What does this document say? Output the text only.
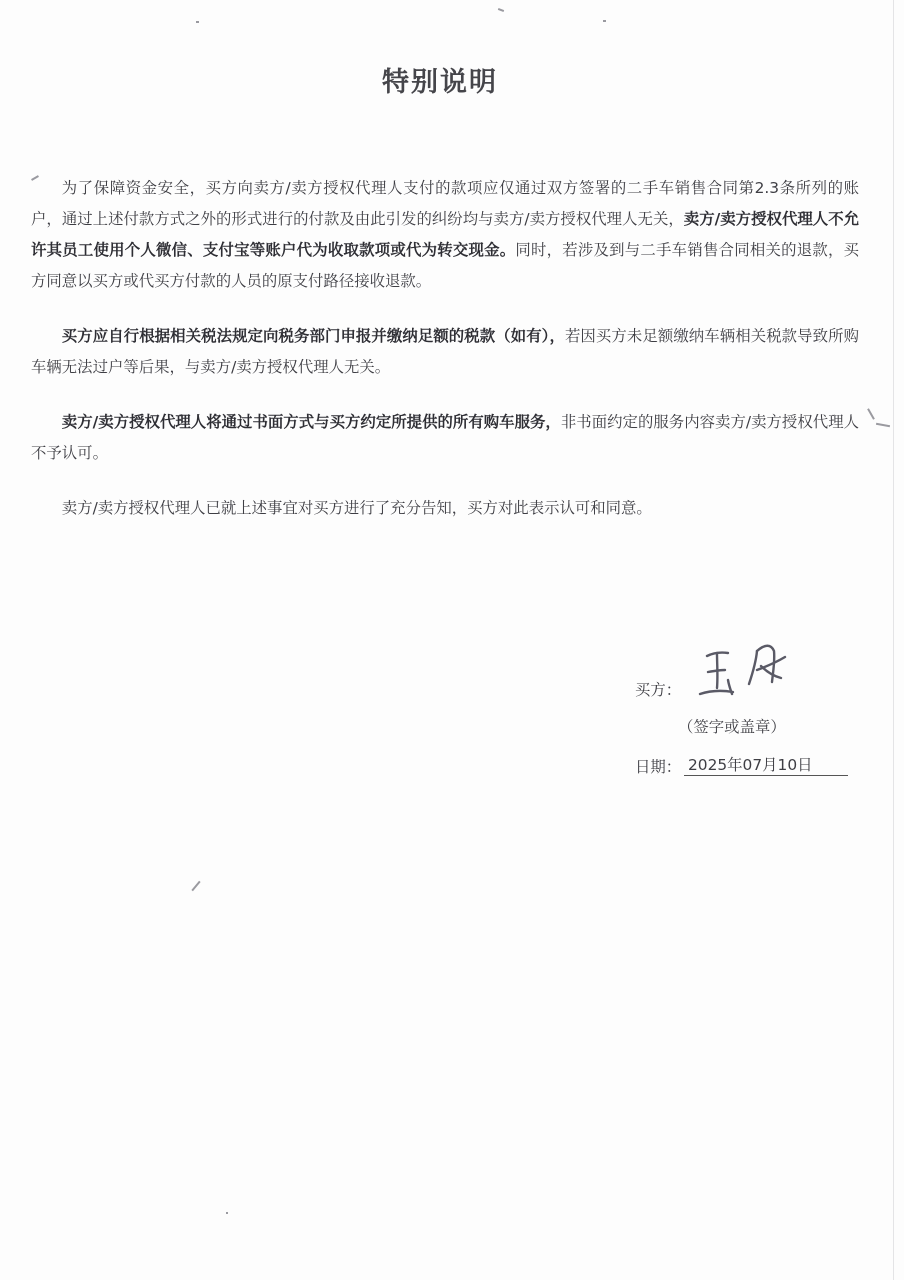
特别说明

为了保障资金安全，买方向卖方/卖方授权代理人支付的款项应仅通过双方签署的二手车销售合同第2.3条所列的账户，通过上述付款方式之外的形式进行的付款及由此引发的纠纷均与卖方/卖方授权代理人无关，卖方/卖方授权代理人不允许其员工使用个人微信、支付宝等账户代为收取款项或代为转交现金。同时，若涉及到与二手车销售合同相关的退款，买方同意以买方或代买方付款的人员的原支付路径接收退款。

买方应自行根据相关税法规定向税务部门申报并缴纳足额的税款（如有），若因买方未足额缴纳车辆相关税款导致所购车辆无法过户等后果，与卖方/卖方授权代理人无关。

卖方/卖方授权代理人将通过书面方式与买方约定所提供的所有购车服务，非书面约定的服务内容卖方/卖方授权代理人不予认可。

卖方/卖方授权代理人已就上述事宜对买方进行了充分告知，买方对此表示认可和同意。

买方：
（签字或盖章）
日期： 2025年07月10日
